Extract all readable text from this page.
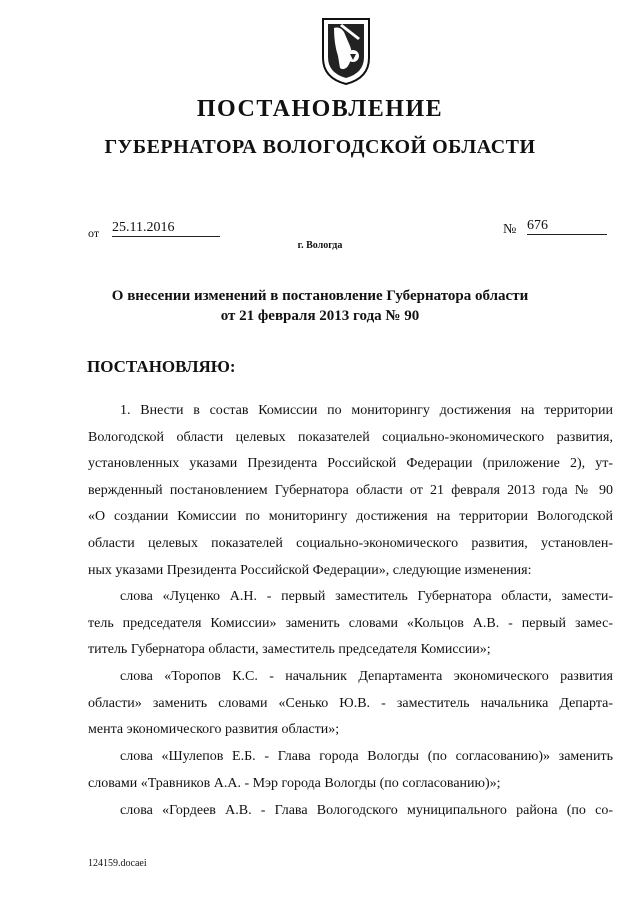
ПОСТАНОВЛЕНИЕ
ГУБЕРНАТОРА ВОЛОГОДСКОЙ ОБЛАСТИ
от 25.11.2016	№ 676
г. Вологда
О внесении изменений в постановление Губернатора области
от 21 февраля 2013 года № 90
ПОСТАНОВЛЯЮ:
1. Внести в состав Комиссии по мониторингу достижения на территории
Вологодской области целевых показателей социально-экономического развития,
установленных указами Президента Российской Федерации (приложение 2), ут-
вержденный постановлением Губернатора области от 21 февраля 2013 года № 90
«О создании Комиссии по мониторингу достижения на территории Вологодской
области целевых показателей социально-экономического развития, установлен-
ных указами Президента Российской Федерации», следующие изменения:
слова «Луценко А.Н. - первый заместитель Губернатора области, замести-
тель председателя Комиссии» заменить словами «Кольцов А.В. - первый замес-
титель Губернатора области, заместитель председателя Комиссии»;
слова «Торопов К.С. - начальник Департамента экономического развития
области» заменить словами «Сенько Ю.В. - заместитель начальника Департа-
мента экономического развития области»;
слова «Шулепов Е.Б. - Глава города Вологды (по согласованию)» заменить
словами «Травников А.А. - Мэр города Вологды (по согласованию)»;
слова «Гордеев А.В. - Глава Вологодского муниципального района (по со-
124159.docaei
